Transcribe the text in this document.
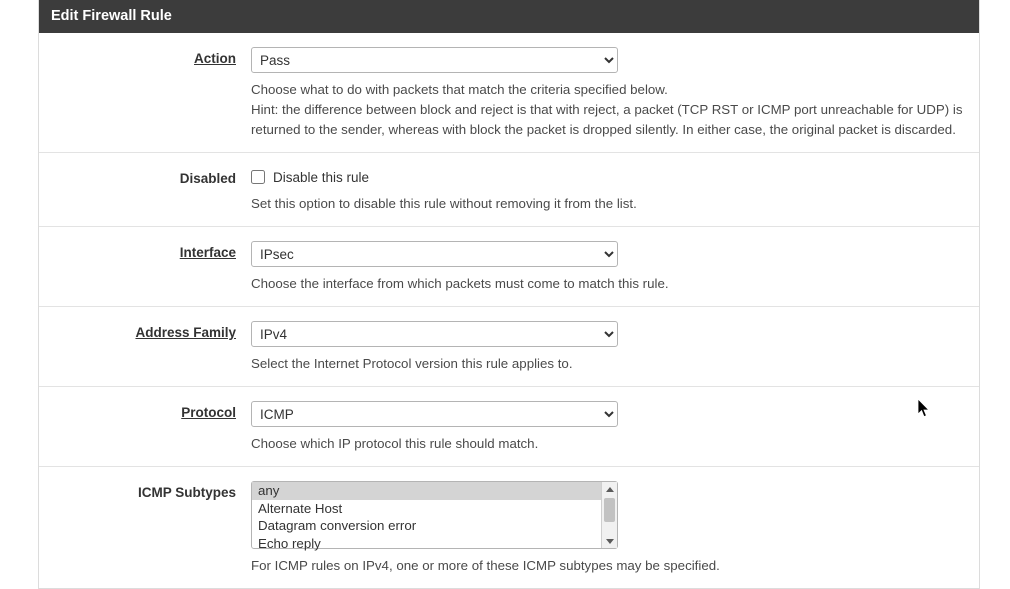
Edit Firewall Rule
Action
Pass
Choose what to do with packets that match the criteria specified below.
Hint: the difference between block and reject is that with reject, a packet (TCP RST or ICMP port unreachable for UDP) is
returned to the sender, whereas with block the packet is dropped silently. In either case, the original packet is discarded.
Disabled	Disable this rule
Set this option to disable this rule without removing it from the list.
Interface
IPsec
Choose the interface from which packets must come to match this rule.
Address Family
IPv4
Select the Internet Protocol version this rule applies to.
Protocol
ICMP
Choose which IP protocol this rule should match.
ICMP Subtypes	any
Alternate Host
Datagram conversion error
Echo reply
For ICMP rules on IPv4, one or more of these ICMP subtypes may be specified.
